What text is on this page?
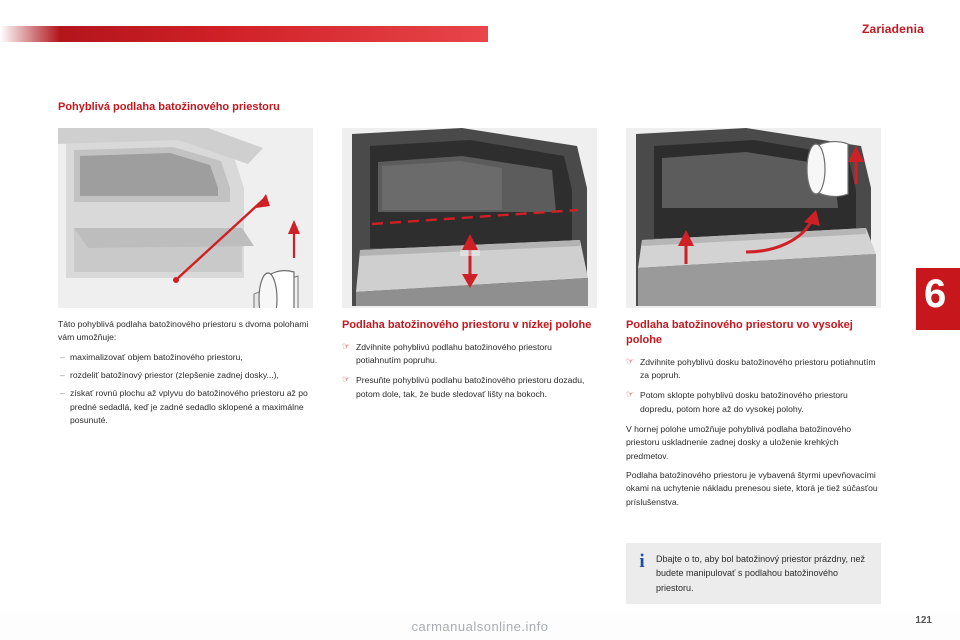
Zariadenia
6
Pohyblivá podlaha batožinového priestoru

Táto pohyblivá podlaha batožinového priestoru s dvoma polohami vám umožňuje:

– maximalizovať objem batožinového priestoru,
– rozdeliť batožinový priestor (zlepšenie zadnej dosky...),
– získať rovnú plochu až vplyvu do batožinového priestoru až po predné sedadlá, keď je zadné sedadlo sklopené a maximálne posunuté.
Podlaha batožinového priestoru v nízkej polohe
☞ Zdvihnite pohyblivú podlahu batožinového priestoru potiahnutím popruhu.
☞ Presuňte pohyblivú podlahu batožinového priestoru dozadu, potom dole, tak, že bude sledovať lišty na bokoch.
Podlaha batožinového priestoru vo vysokej polohe
☞ Zdvihnite pohyblivú dosku batožinového priestoru potiahnutím za popruh.
☞ Potom sklopte pohyblivú dosku batožinového priestoru dopredu, potom hore až do vysokej polohy.

V hornej polohe umožňuje pohyblivá podlaha batožinového priestoru uskladnenie zadnej dosky a uloženie krehkých predmetov.

Podlaha batožinového priestoru je vybavená štyrmi upevňovacími okami na uchytenie nákladu prenesou siete, ktorá je tiež súčasťou príslušenstva.

i	Dbajte o to, aby bol batožinový priestor prázdny, než budete manipulovať s podlahou batožinového priestoru.
121
carmanualsonline.info
